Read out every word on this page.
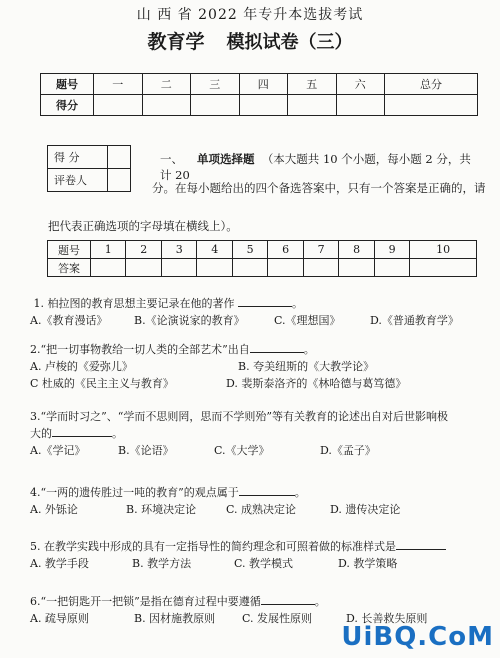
山 西 省 2022 年专升本选拔考试
教育学 模拟试卷（三）
题号	一	二	三	四	五	六	总分
得分							
得 分	
评卷人	
一、 单项选择题 （本大题共 10 个小题，每小题 2 分，共计 20
分。在每小题给出的四个备选答案中，只有一个答案是正确的，请
把代表正确选项的字母填在横线上）。
题号	1	2	3	4	5	6	7	8	9	10
答案										
1. 柏拉图的教育思想主要记录在他的著作	。
A.《教育漫话》 B.《论演说家的教育》	C.《理想国》	D.《普通教育学》
2.“把一切事物教给一切人类的全部艺术”出自	。
A. 卢梭的《爱弥儿》	B. 夸美纽斯的《大教学论》
C 杜威的《民主主义与教育》	D. 裴斯泰洛齐的《林哈德与葛笃德》
3.“学而时习之”、“学而不思则罔，思而不学则殆”等有关教育的论述出自对后世影响极
大的	。
A.《学记》	B.《论语》	C.《大学》	D.《孟子》
4.“一两的遗传胜过一吨的教育”的观点属于	。
A. 外铄论	B. 环境决定论	C. 成熟决定论	D. 遗传决定论
5. 在教学实践中形成的具有一定指导性的简约理念和可照着做的标准样式是
A. 教学手段	B. 教学方法	C. 教学模式	D. 教学策略
6.“一把钥匙开一把锁”是指在德育过程中要遵循	。
A. 疏导原则	B. 因材施教原则 C. 发展性原则	D. 长善救失原则
UiBQ.CoM
